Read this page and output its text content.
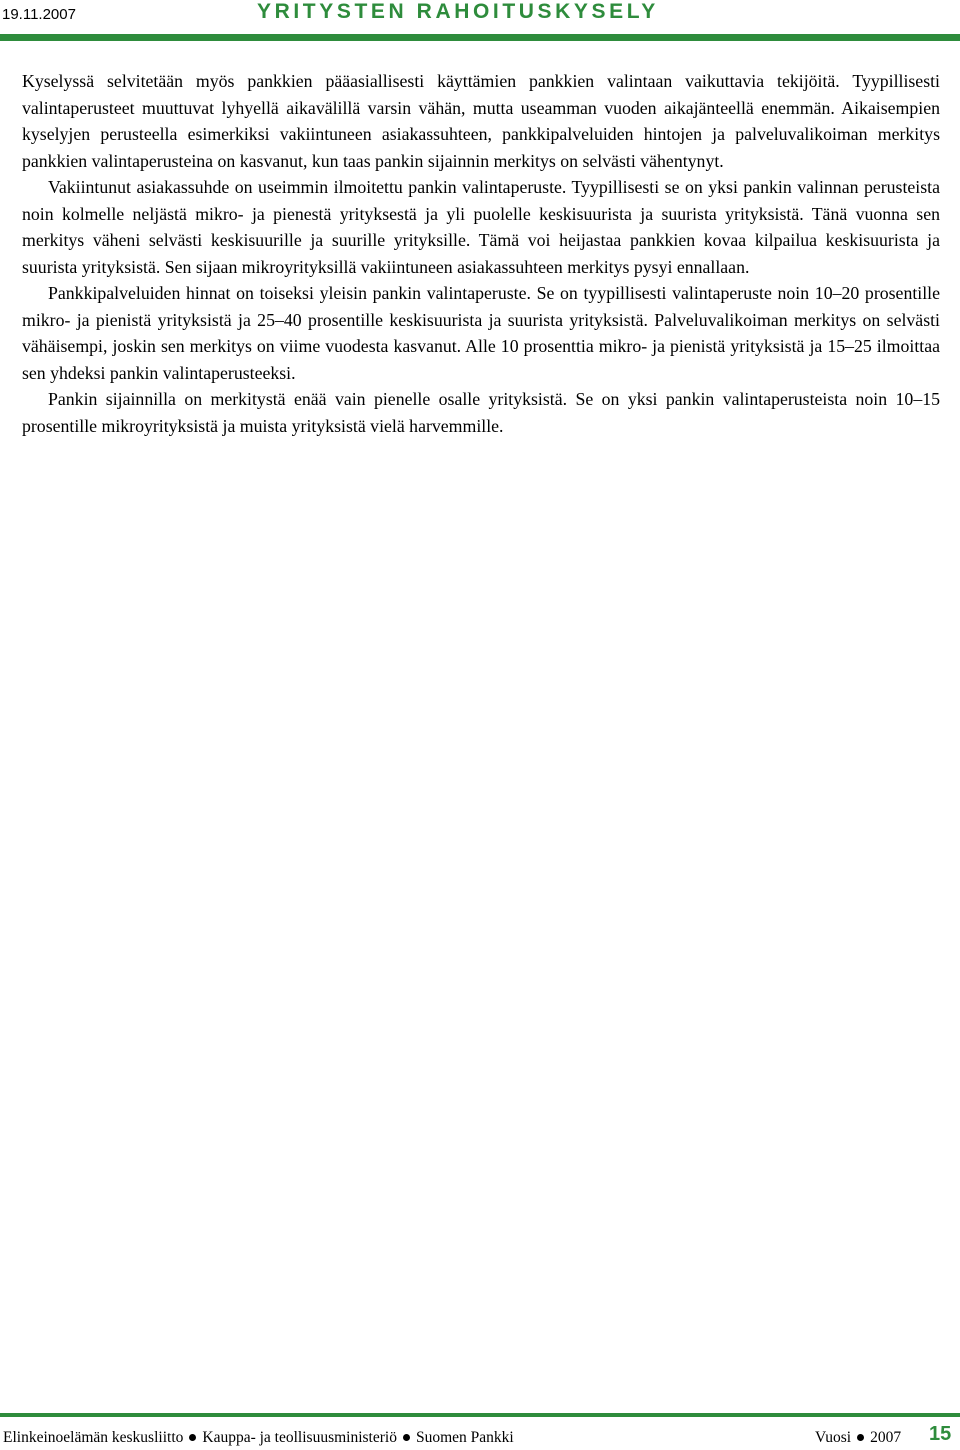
19.11.2007	YRITYSTEN RAHOITUSKYSELY

Kyselyssä selvitetään myös pankkien pääasiallisesti käyttämien pankkien valintaan vaikuttavia tekijöitä. Tyypillisesti valintaperusteet muuttuvat lyhyellä aikavälillä varsin vähän, mutta useamman vuoden aikajänteellä enemmän. Aikaisempien kyselyjen perusteella esimerkiksi vakiintuneen asiakassuhteen, pankkipalveluiden hintojen ja palveluvalikoiman merkitys pankkien valintaperusteina on kasvanut, kun taas pankin sijainnin merkitys on selvästi vähentynyt.

Vakiintunut asiakassuhde on useimmin ilmoitettu pankin valintaperuste. Tyypillisesti se on yksi pankin valinnan perusteista noin kolmelle neljästä mikro- ja pienestä yrityksestä ja yli puolelle keskisuurista ja suurista yrityksistä. Tänä vuonna sen merkitys väheni selvästi keskisuurille ja suurille yrityksille. Tämä voi heijastaa pankkien kovaa kilpailua keskisuurista ja suurista yrityksistä. Sen sijaan mikroyrityksillä vakiintuneen asiakassuhteen merkitys pysyi ennallaan.

Pankkipalveluiden hinnat on toiseksi yleisin pankin valintaperuste. Se on tyypillisesti valintaperuste noin 10–20 prosentille mikro- ja pienistä yrityksistä ja 25–40 prosentille keskisuurista ja suurista yrityksistä. Palveluvalikoiman merkitys on selvästi vähäisempi, joskin sen merkitys on viime vuodesta kasvanut. Alle 10 prosenttia mikro- ja pienistä yrityksistä ja 15–25 ilmoittaa sen yhdeksi pankin valintaperusteeksi.

Pankin sijainnilla on merkitystä enää vain pienelle osalle yrityksistä. Se on yksi pankin valintaperusteista noin 10–15 prosentille mikroyrityksistä ja muista yrityksistä vielä harvemmille.

Elinkeinoelämän keskusliitto Kauppa- ja teollisuusministeriö Suomen Pankki	Vuosi 2007 15
